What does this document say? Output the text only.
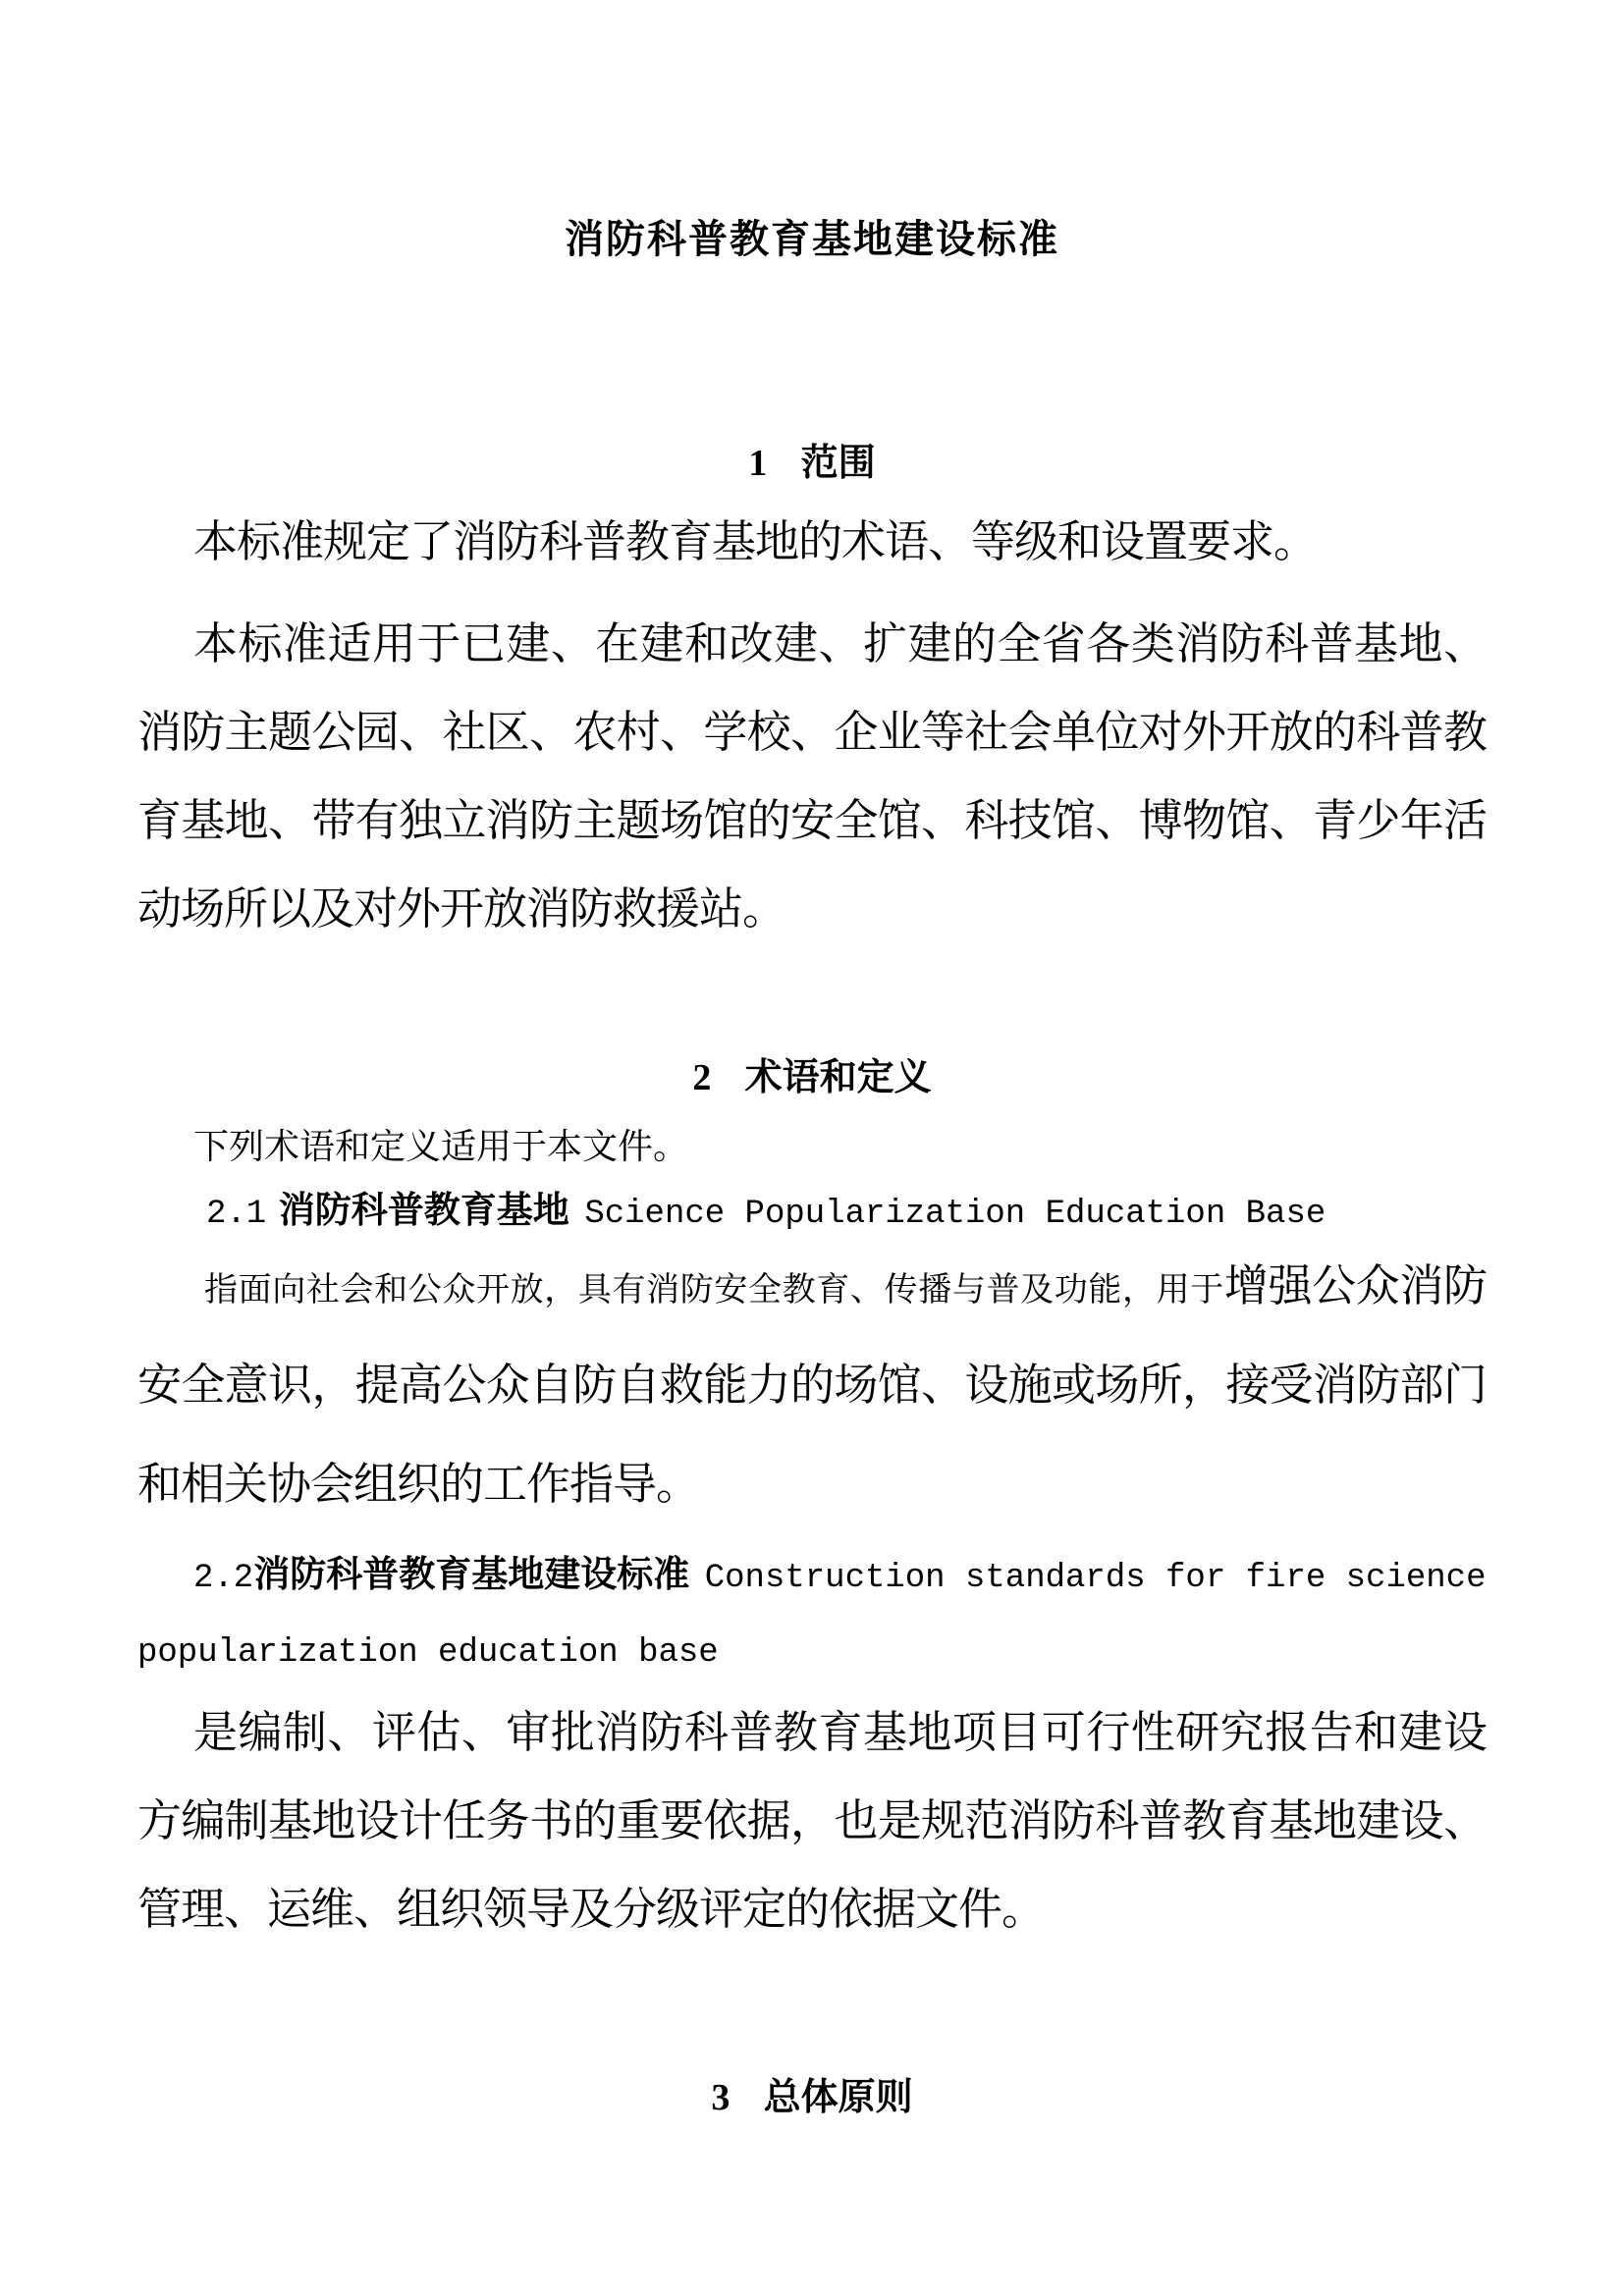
消防科普教育基地建设标准
1 范围

本标准规定了消防科普教育基地的术语、等级和设置要求。

本标准适用于已建、在建和改建、扩建的全省各类消防科普基地、消防主题公园、社区、农村、学校、企业等社会单位对外开放的科普教育基地、带有独立消防主题场馆的安全馆、科技馆、博物馆、青少年活动场所以及对外开放消防救援站。

2 术语和定义

下列术语和定义适用于本文件。

2.1 消防科普教育基地 Science Popularization Education Base

指面向社会和公众开放，具有消防安全教育、传播与普及功能，用于增强公众消防安全意识，提高公众自防自救能力的场馆、设施或场所，接受消防部门和相关协会组织的工作指导。

2.2消防科普教育基地建设标准 Construction standards for fire science popularization education base

是编制、评估、审批消防科普教育基地项目可行性研究报告和建设方编制基地设计任务书的重要依据，也是规范消防科普教育基地建设、管理、运维、组织领导及分级评定的依据文件。

3 总体原则
